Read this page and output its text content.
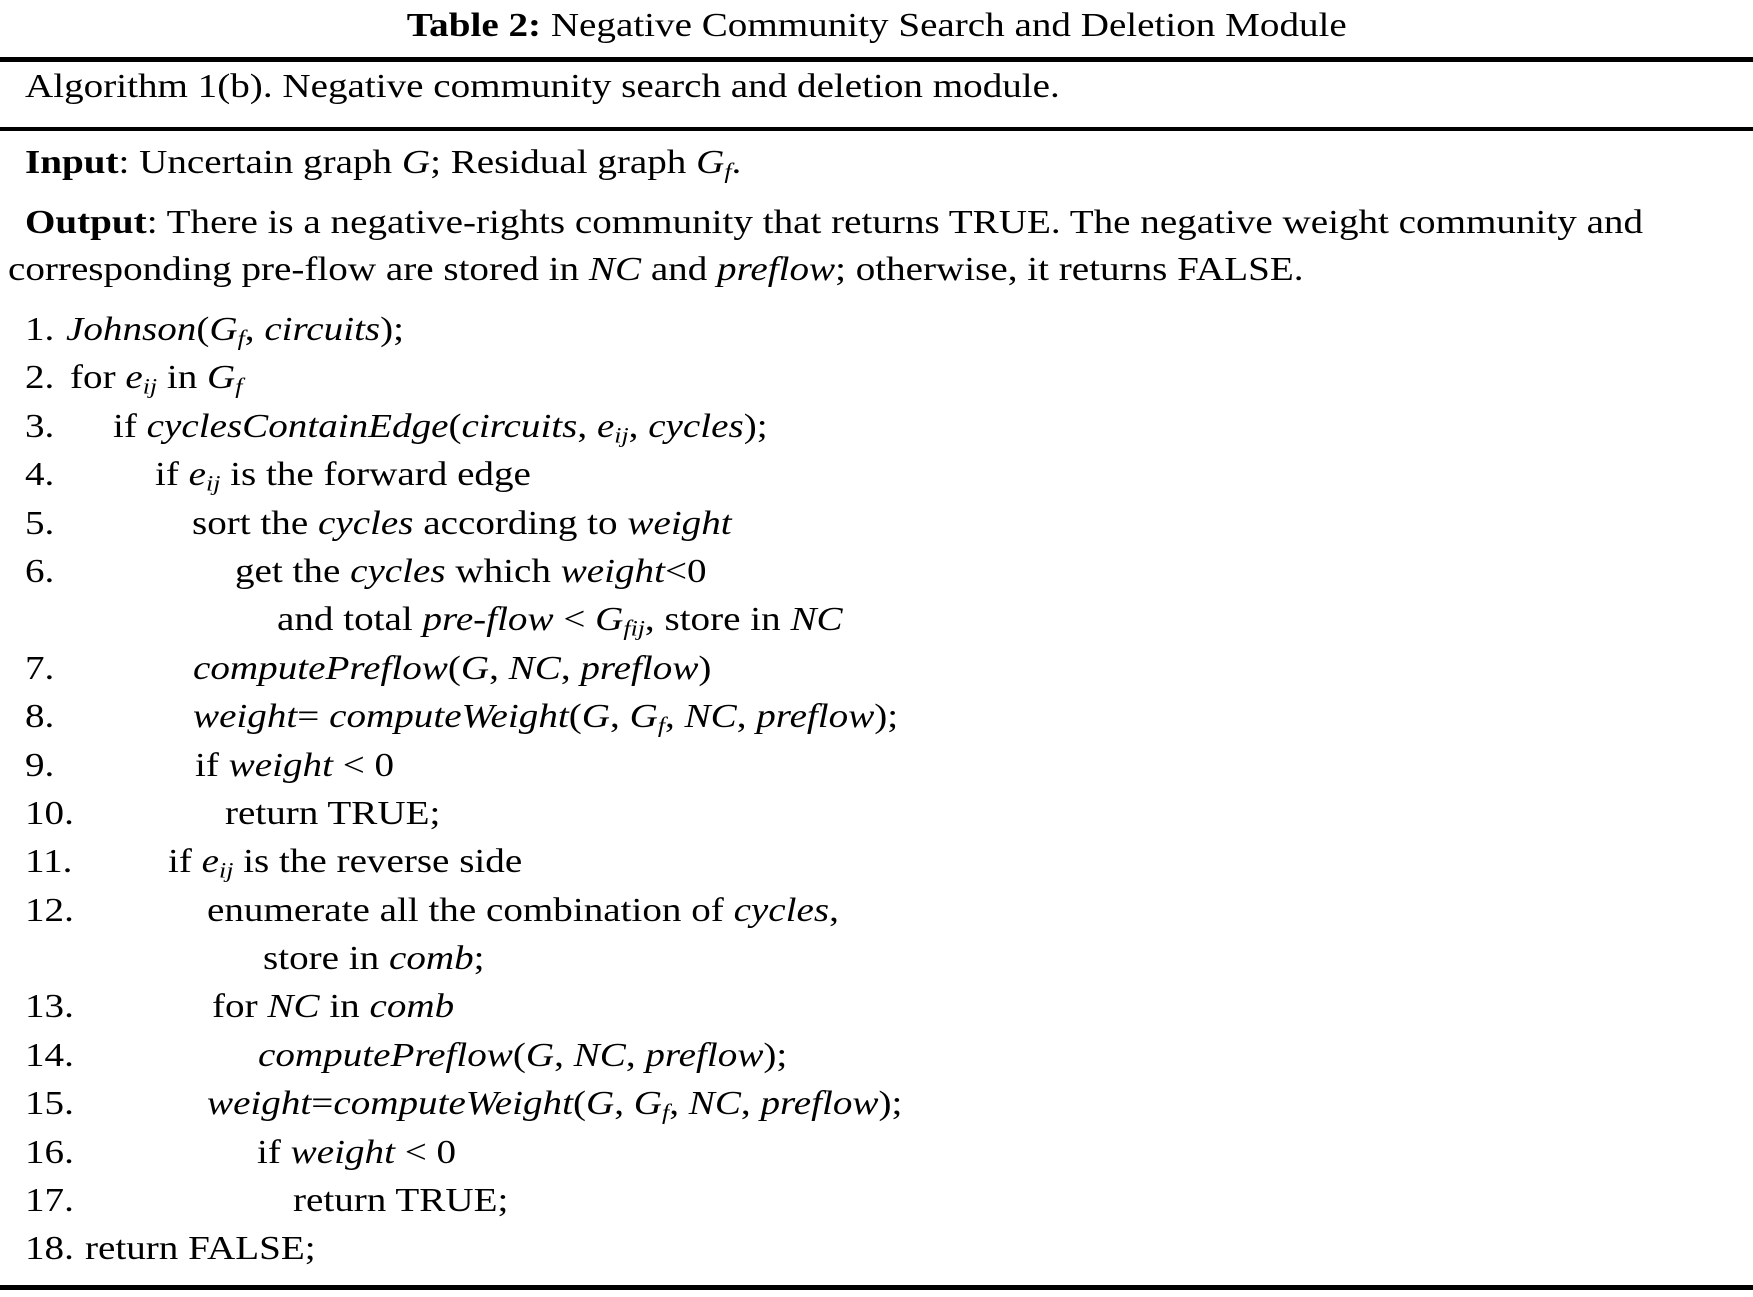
Table 2: Negative Community Search and Deletion Module
Algorithm 1(b). Negative community search and deletion module.
Input: Uncertain graph G; Residual graph $G_f$.
Output: There is a negative-rights community that returns TRUE. The negative weight community and
corresponding pre-flow are stored in NC and preflow; otherwise, it returns FALSE.
1. $Johnson(G_f$, circuits);
2. for $e_{ij}$ in $G_f$
3. if cyclesContainEdge(circuits, $e_{ij}$, cycles);
4.	if $e_{ij}$ is the forward edge
5.	sort the cycles according to weight
6.	get the cycles which weight<0
and total pre-flow < $G_{fij}$, store in NC
7.	computePreflow(G, NC, preflow)
8.	weight= computeWeight(G, $G_f$, NC, preflow);
9.	if weight < 0
10.	return TRUE;
11.	if $e_{ij}$ is the reverse side
12.	enumerate all the combination of cycles,
store in comb;
13.	for NC in comb
14.	computePreflow(G, NC, preflow);
15.	weight=computeWeight(G, $G_f$, NC, preflow);
16.	if weight < 0
17.	return TRUE;
18. return FALSE;
